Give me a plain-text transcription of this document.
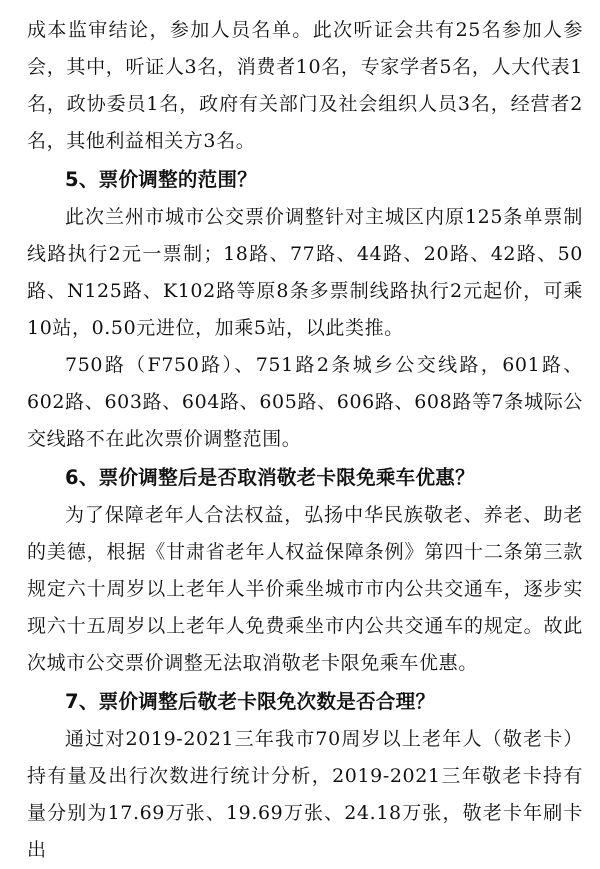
成本监审结论，参加人员名单。此次听证会共有25名参加人参会，其中，听证人3名，消费者10名，专家学者5名，人大代表1名，政协委员1名，政府有关部门及社会组织人员3名，经营者2名，其他利益相关方3名。

5、票价调整的范围？

此次兰州市城市公交票价调整针对主城区内原125条单票制线路执行2元一票制；18路、77路、44路、20路、42路、50路、N125路、K102路等原8条多票制线路执行2元起价，可乘10站，0.50元进位，加乘5站，以此类推。

750路（F750路）、751路2条城乡公交线路，601路、602路、603路、604路、605路、606路、608路等7条城际公交线路不在此次票价调整范围。

6、票价调整后是否取消敬老卡限免乘车优惠？

为了保障老年人合法权益，弘扬中华民族敬老、养老、助老的美德，根据《甘肃省老年人权益保障条例》第四十二条第三款规定六十周岁以上老年人半价乘坐城市市内公共交通车，逐步实现六十五周岁以上老年人免费乘坐市内公共交通车的规定。故此次城市公交票价调整无法取消敬老卡限免乘车优惠。

7、票价调整后敬老卡限免次数是否合理？

通过对2019-2021三年我市70周岁以上老年人（敬老卡）持有量及出行次数进行统计分析，2019-2021三年敬老卡持有量分别为17.69万张、19.69万张、24.18万张，敬老卡年刷卡出
